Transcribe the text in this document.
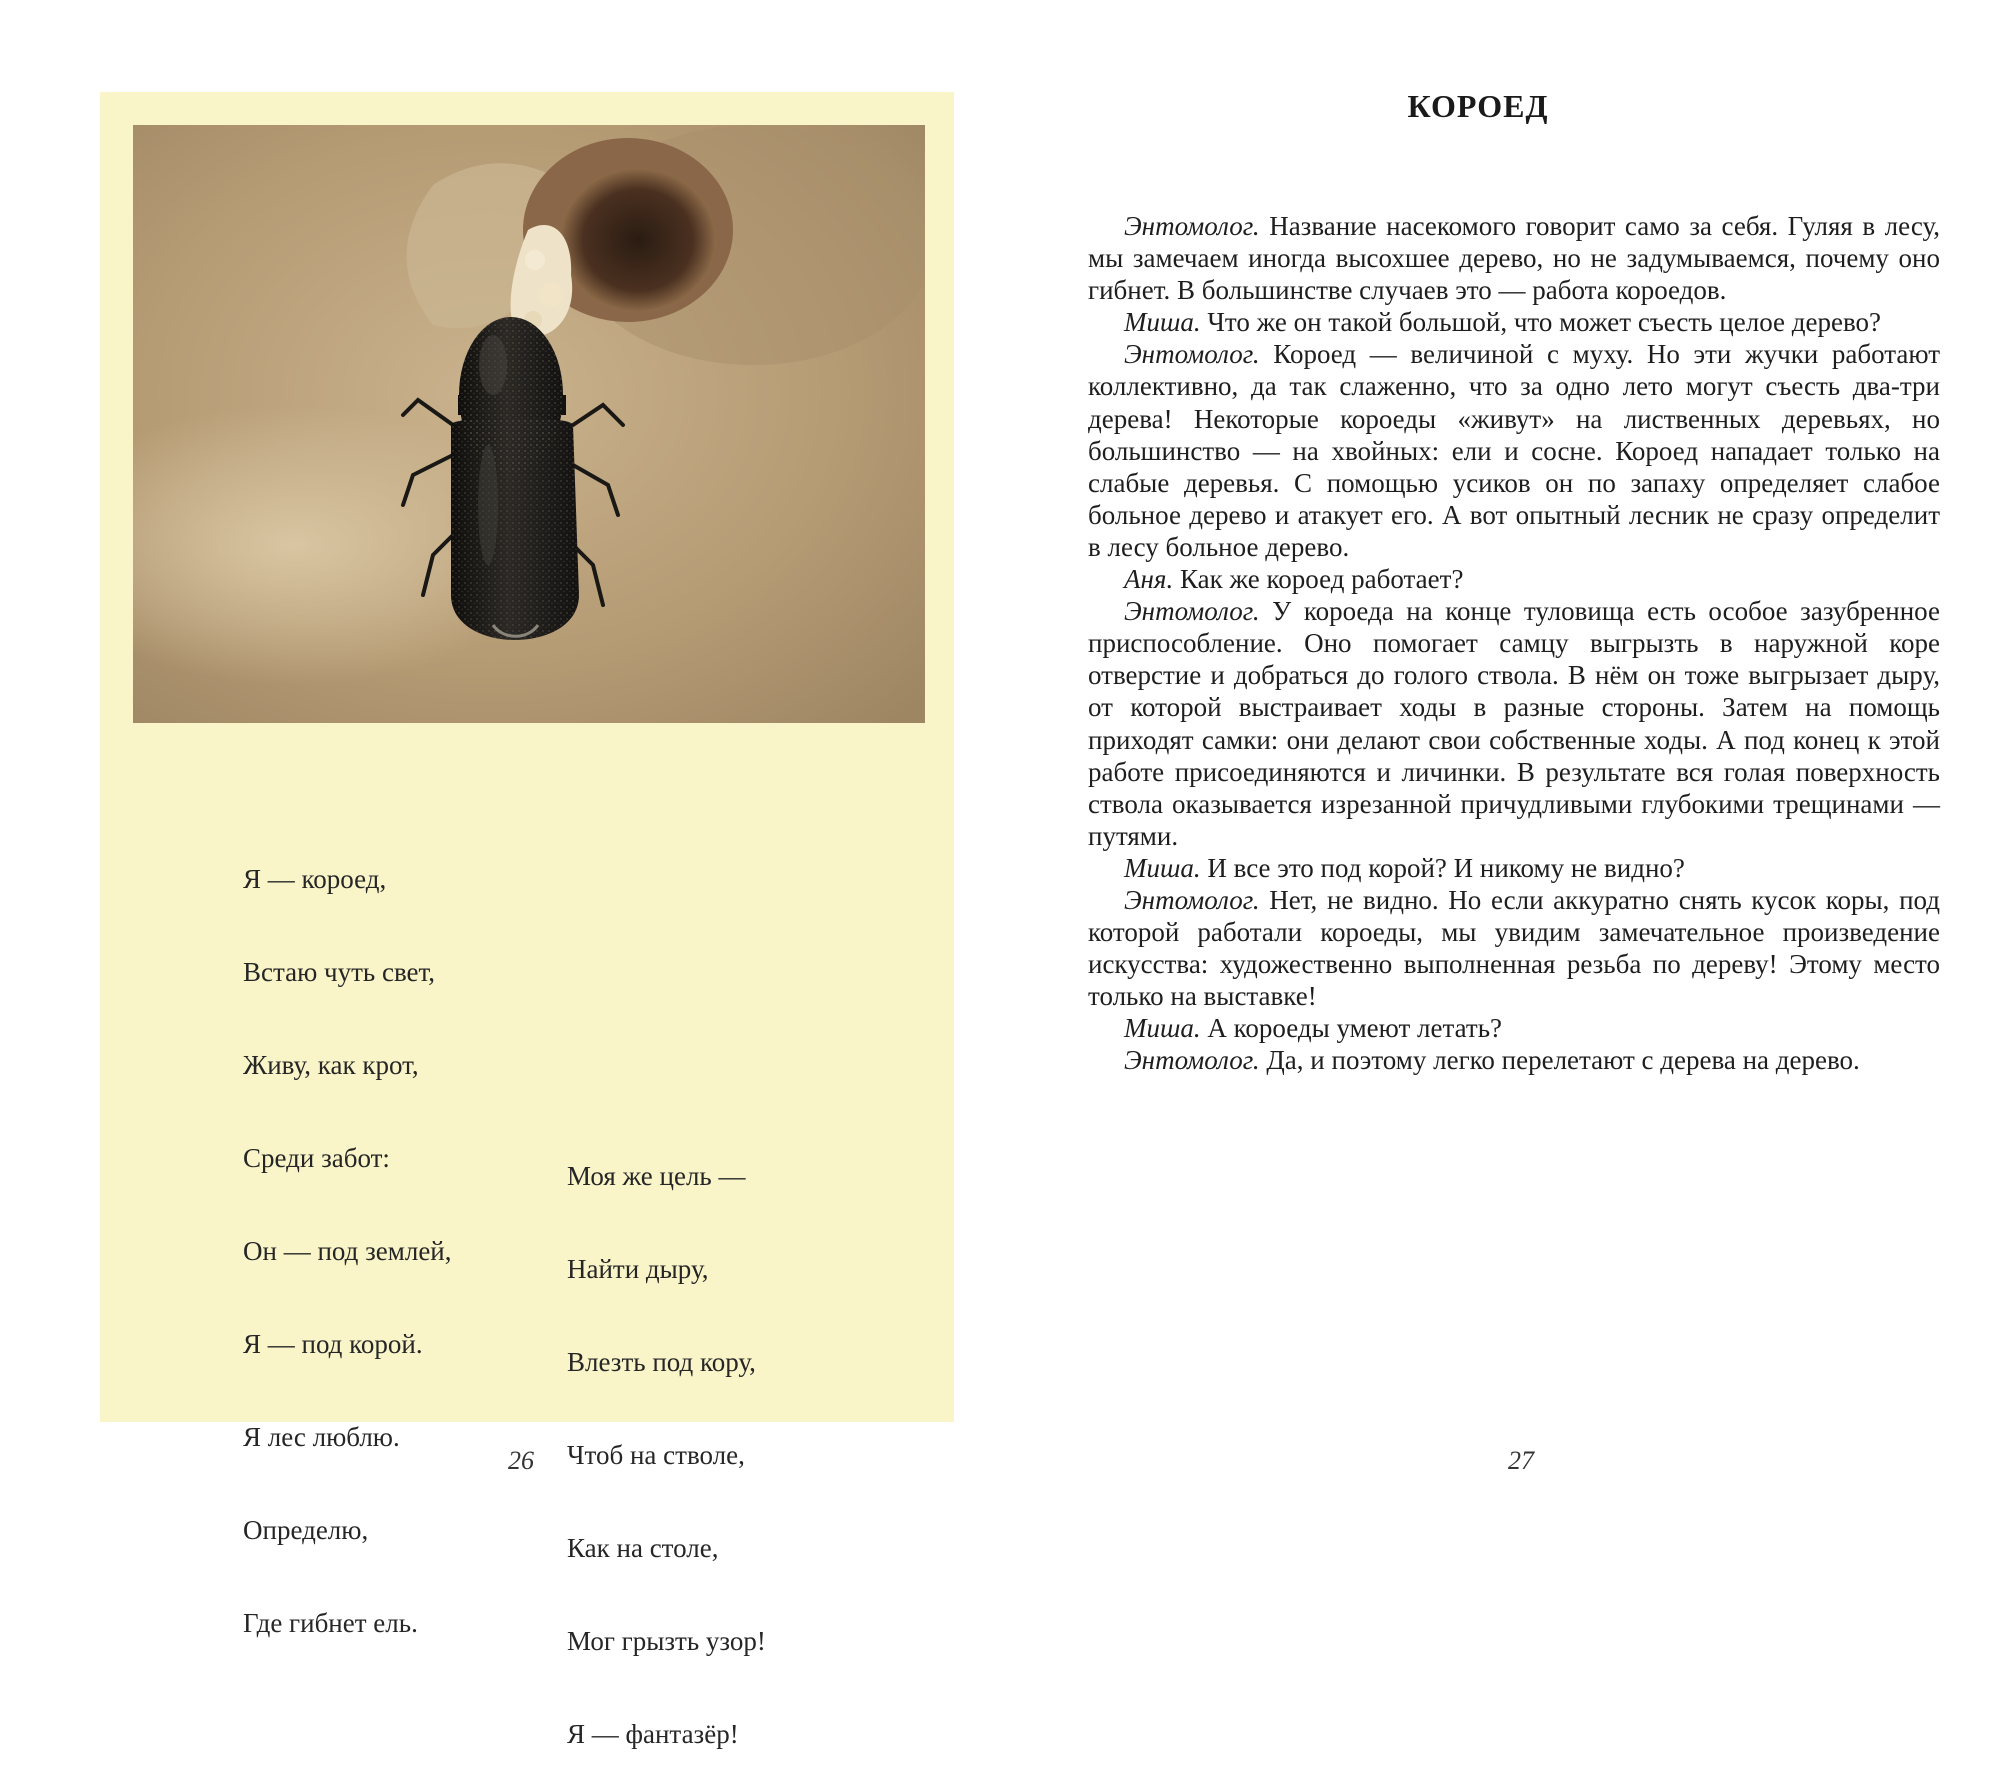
Я — короед,

Встаю чуть свет,

Живу, как крот,

Среди забот:

Он — под землей,

Я — под корой.

Я лес люблю.

Определю,

Где гибнет ель.

Моя же цель —

Найти дыру,

Влезть под кору,

Чтоб на стволе,

Как на столе,

Мог грызть узор!

Я — фантазёр!

26
КОРОЕД

Энтомолог. Название насекомого говорит само за себя. Гуляя в лесу, мы замечаем иногда высохшее дерево, но не задумываемся, почему оно гибнет. В большинстве случаев это — работа короедов.

Миша. Что же он такой большой, что может съесть целое дерево?

Энтомолог. Короед — величиной с муху. Но эти жучки работают коллективно, да так слаженно, что за одно лето могут съесть два-три дерева! Некоторые короеды «живут» на лиственных деревьях, но большинство — на хвойных: ели и сосне. Короед нападает только на слабые деревья. С помощью усиков он по запаху определяет слабое больное дерево и атакует его. А вот опытный лесник не сразу определит в лесу больное дерево.

Аня. Как же короед работает?

Энтомолог. У короеда на конце туловища есть особое зазубренное приспособление. Оно помогает самцу выгрызть в наружной коре отверстие и добраться до голого ствола. В нём он тоже выгрызает дыру, от которой выстраивает ходы в разные стороны. Затем на помощь приходят самки: они делают свои собственные ходы. А под конец к этой работе присоединяются и личинки. В результате вся голая поверхность ствола оказывается изрезанной причудливыми глубокими трещинами — путями.

Миша. И все это под корой? И никому не видно?

Энтомолог. Нет, не видно. Но если аккуратно снять кусок коры, под которой работали короеды, мы увидим замечательное произведение искусства: художественно выполненная резьба по дереву! Этому место только на выставке!

Миша. А короеды умеют летать?

Энтомолог. Да, и поэтому легко перелетают с дерева на дерево.

27
